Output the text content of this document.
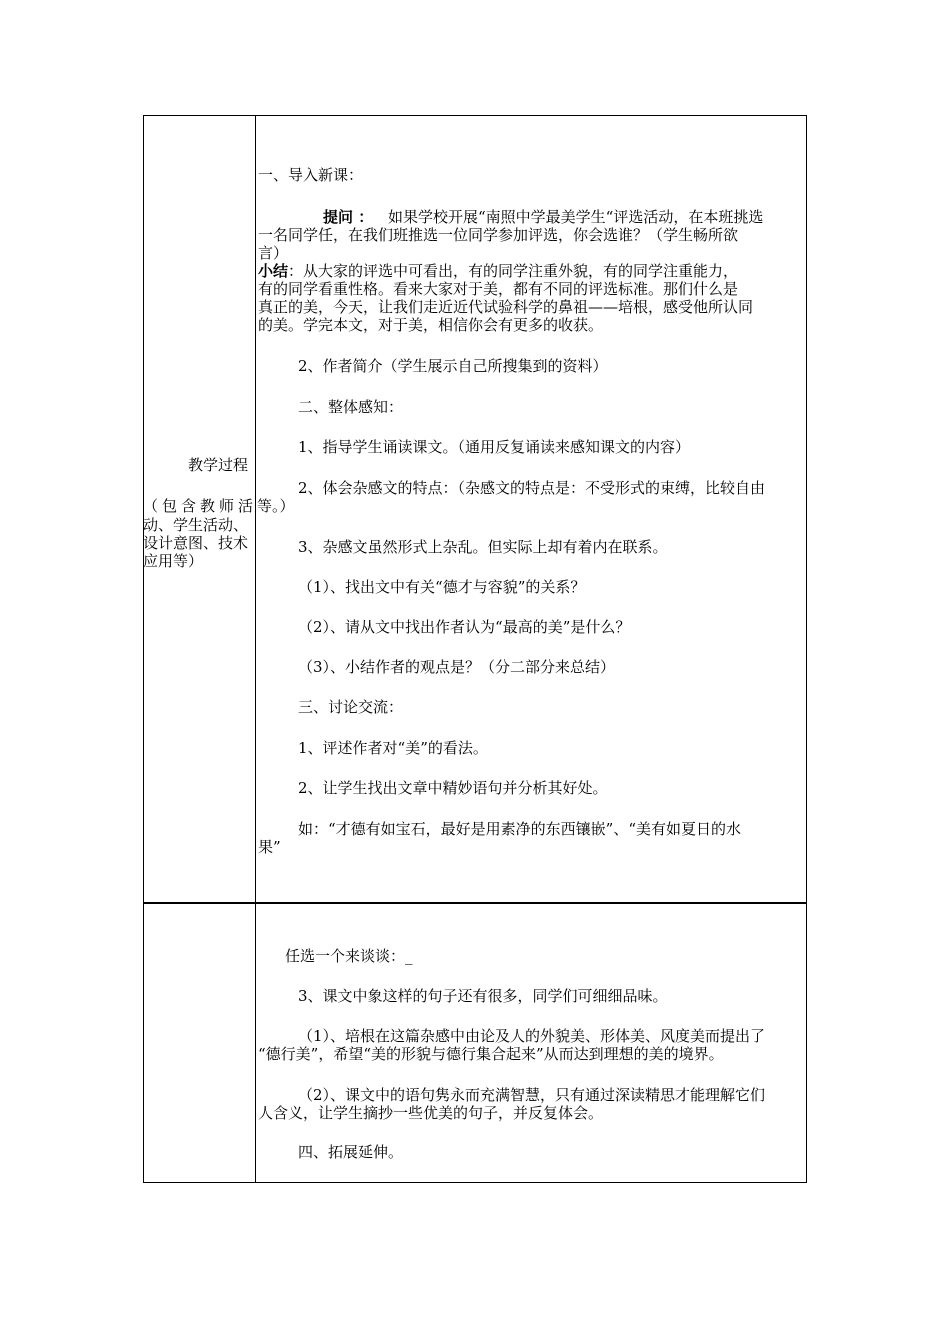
教学过程
（包含教师活 等。）
动、学生活动、
设计意图、技术
应用等）
一、导入新课：
提问 ： 如果学校开展“南照中学最美学生“评选活动，在本班挑选
一名同学任，在我们班推选一位同学参加评选，你会选谁？（学生畅所欲
言）
小结 ：从大家的评选中可看出，有的同学注重外貌，有的同学注重能力，
有的同学看重性格。看来大家对于美，都有不同的评选标准。那们什么是
真正的美，今天，让我们走近近代试验科学的鼻祖——培根，感受他所认同
的美。学完本文，对于美，相信你会有更多的收获。
2、作者简介（学生展示自己所搜集到的资料）
二、整体感知：
1、指导学生诵读课文。（通用反复诵读来感知课文的内容）
2、体会杂感文的特点：（杂感文的特点是：不受形式的束缚，比较自由
3、杂感文虽然形式上杂乱。但实际上却有着内在联系。
（1）、找出文中有关“德才与容貌”的关系？
（2）、请从文中找出作者认为“最高的美”是什么？
（3）、小结作者的观点是？（分二部分来总结）
三、讨论交流：
1、评述作者对“美”的看法。
2、让学生找出文章中精妙语句并分析其好处。
如：“才德有如宝石，最好是用素净的东西镶嵌”、“美有如夏日的水
果”
任选一个来谈谈：_
3、课文中象这样的句子还有很多，同学们可细细品味。
（1）、培根在这篇杂感中由论及人的外貌美、形体美、风度美而提出了
“德行美”，希望“美的形貌与德行集合起来”从而达到理想的美的境界。
（2）、课文中的语句隽永而充满智慧，只有通过深读精思才能理解它们
人含义，让学生摘抄一些优美的句子，并反复体会。
四、拓展延伸。
